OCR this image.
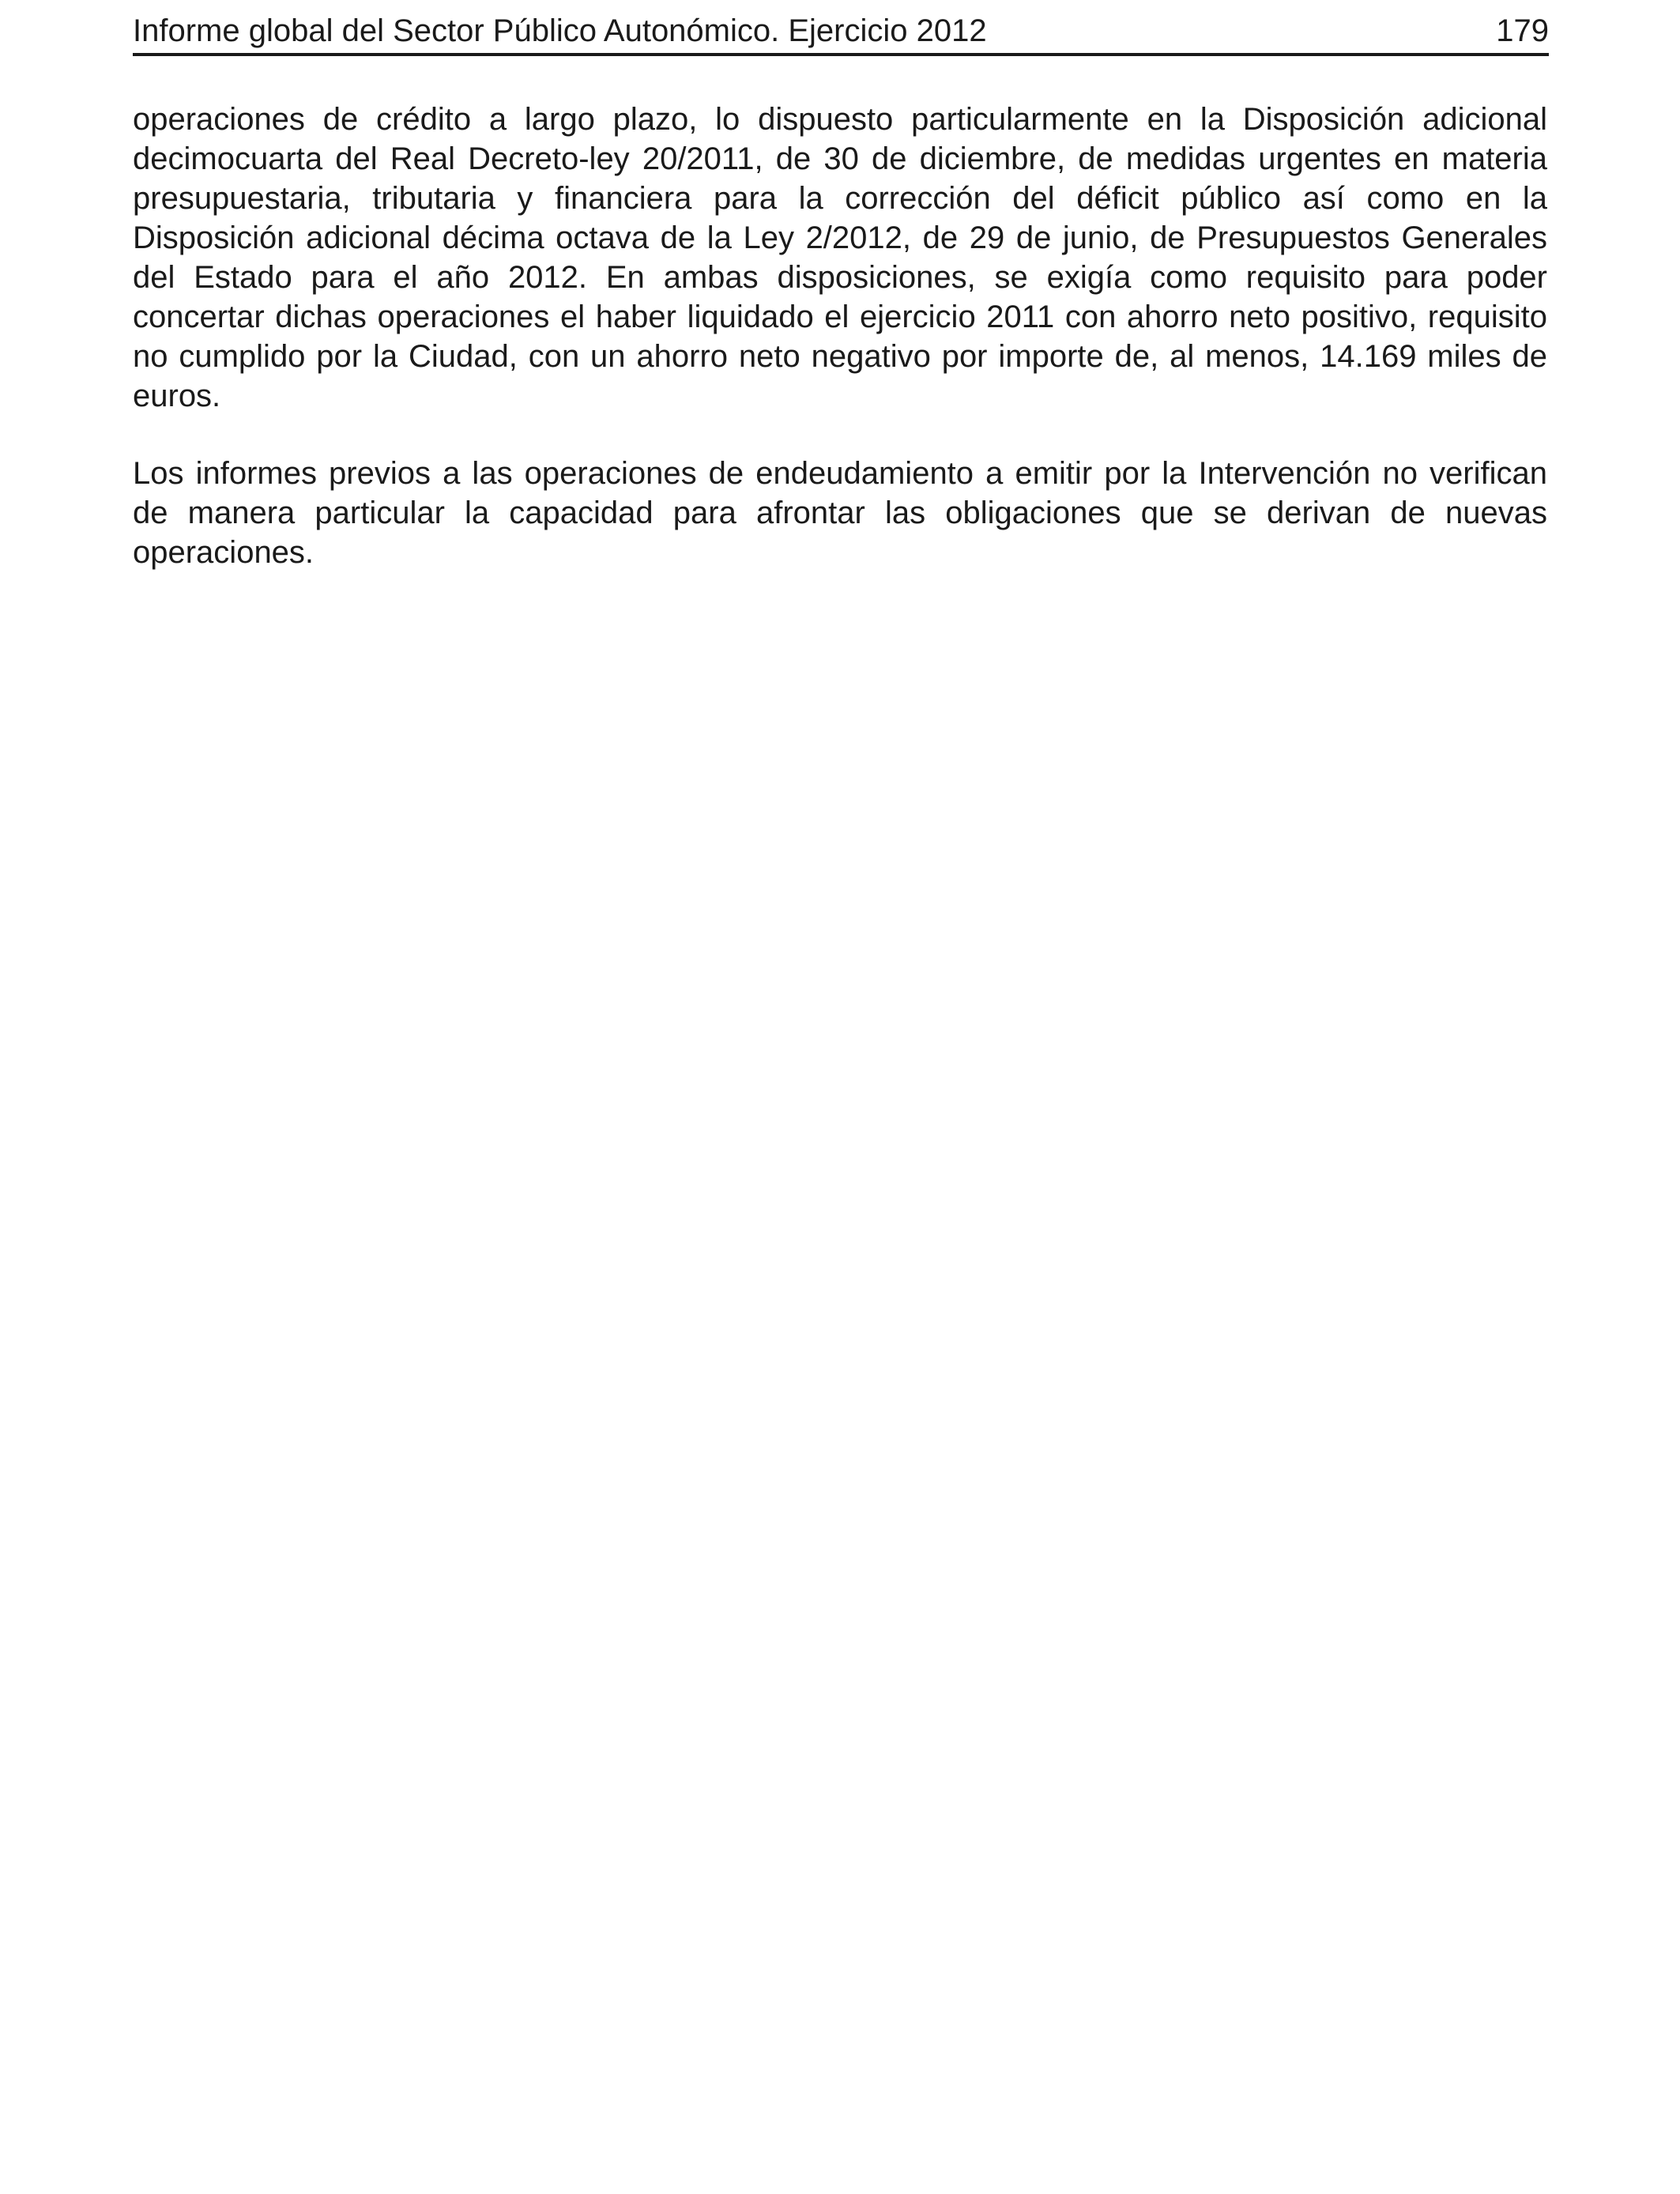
Informe global del Sector Público Autonómico. Ejercicio 2012	179
operaciones de crédito a largo plazo, lo dispuesto particularmente en la Disposición adicional
decimocuarta del Real Decreto-ley 20/2011, de 30 de diciembre, de medidas urgentes en materia
presupuestaria, tributaria y financiera para la corrección del déficit público así como en la
Disposición adicional décima octava de la Ley 2/2012, de 29 de junio, de Presupuestos Generales
del Estado para el año 2012. En ambas disposiciones, se exigía como requisito para poder
concertar dichas operaciones el haber liquidado el ejercicio 2011 con ahorro neto positivo, requisito
no cumplido por la Ciudad, con un ahorro neto negativo por importe de, al menos, 14.169 miles de
euros.
Los informes previos a las operaciones de endeudamiento a emitir por la Intervención no verifican
de manera particular la capacidad para afrontar las obligaciones que se derivan de nuevas
operaciones.
